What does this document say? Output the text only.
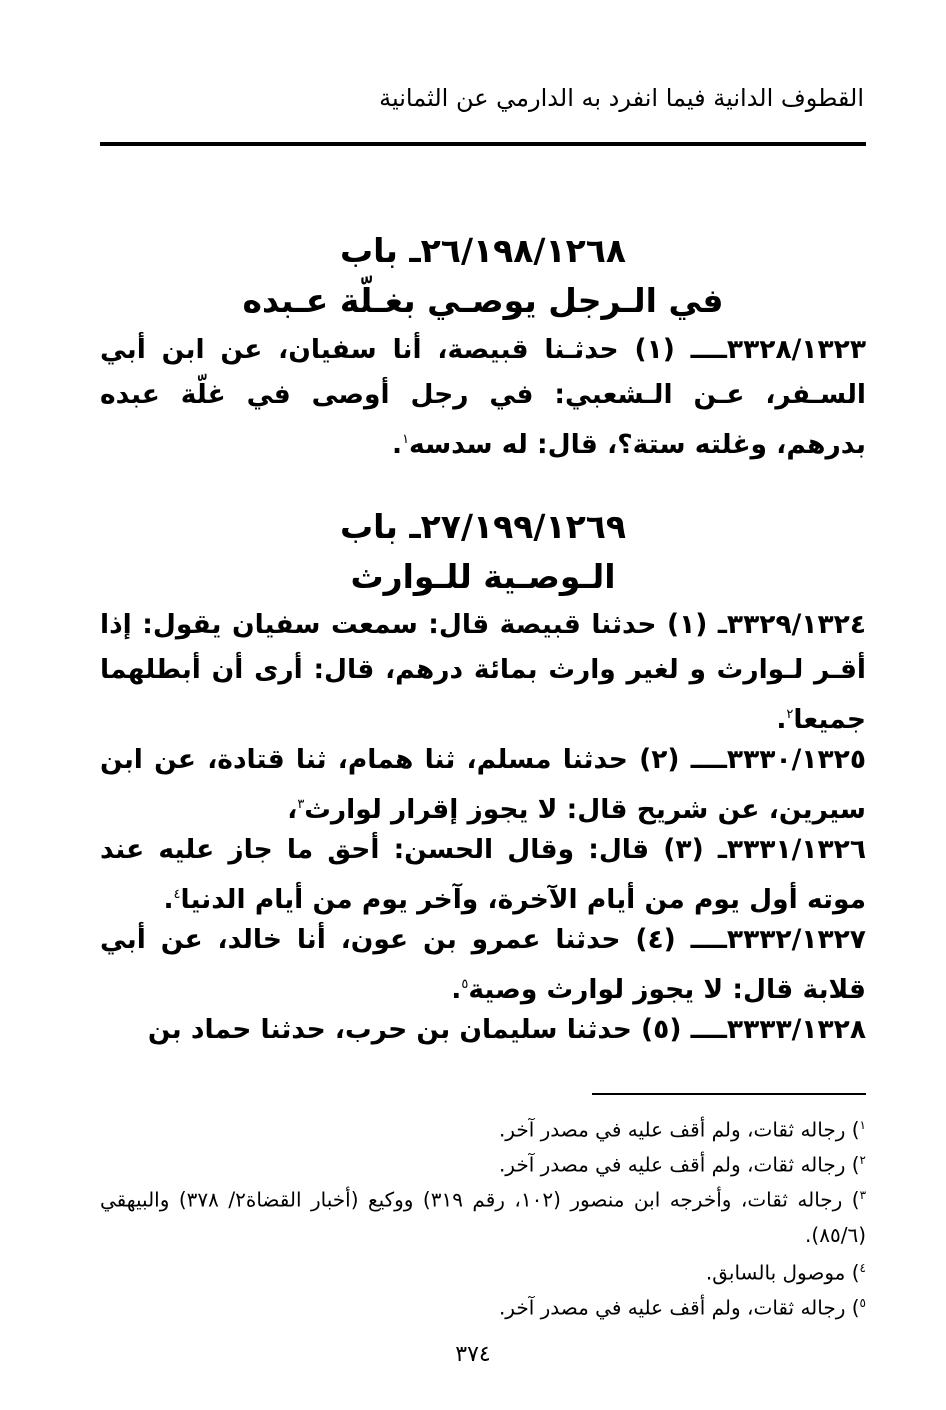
القطوف الدانية فيما انفرد به الدارمي عن الثمانية
٢٦/١٩٨/١٢٦٨ـ باب
في الـرجل يوصـي بغـلّة عـبده
٣٣٢٨/١٣٢٣ــــ (١) حدثـنا قبيصة، أنا سفيان، عن ابن أبي السـفر، عـن الـشعبي: في رجل أوصى في غلّة عبده بدرهم، وغلته ستة؟، قال: له سدسه$^١$.
٢٧/١٩٩/١٢٦٩ـ باب
الـوصـية للـوارث
٣٣٢٩/١٣٢٤ـ (١) حدثنا قبيصة قال: سمعت سفيان يقول: إذا أقـر لـوارث و لغير وارث بمائة درهم، قال: أرى أن أبطلهما جميعا$^٢$.
٣٣٣٠/١٣٢٥ــــ (٢) حدثنا مسلم، ثنا همام، ثنا قتادة، عن ابن سيرين، عن شريح قال: لا يجوز إقرار لوارث$^٣$،
٣٣٣١/١٣٢٦ـ (٣) قال: وقال الحسن: أحق ما جاز عليه عند موته أول يوم من أيام الآخرة، وآخر يوم من أيام الدنيا$^٤$.
٣٣٣٢/١٣٢٧ــــ (٤) حدثنا عمرو بن عون، أنا خالد، عن أبي قلابة قال: لا يجوز لوارث وصية$^٥$.
٣٣٣٣/١٣٢٨ــــ (٥) حدثنا سليمان بن حرب، حدثنا حماد بن
$^١$) رجاله ثقات، ولم أقف عليه في مصدر آخر.
$^٢$) رجاله ثقات، ولم أقف عليه في مصدر آخر.
$^٣$) رجاله ثقات، وأخرجه ابن منصور (١٠٢، رقم ٣١٩) ووكيع (أخبار القضاة٢/ ٣٧٨) والبيهقي (٨٥/٦).
$^٤$) موصول بالسابق.
$^٥$) رجاله ثقات، ولم أقف عليه في مصدر آخر.
٣٧٤
